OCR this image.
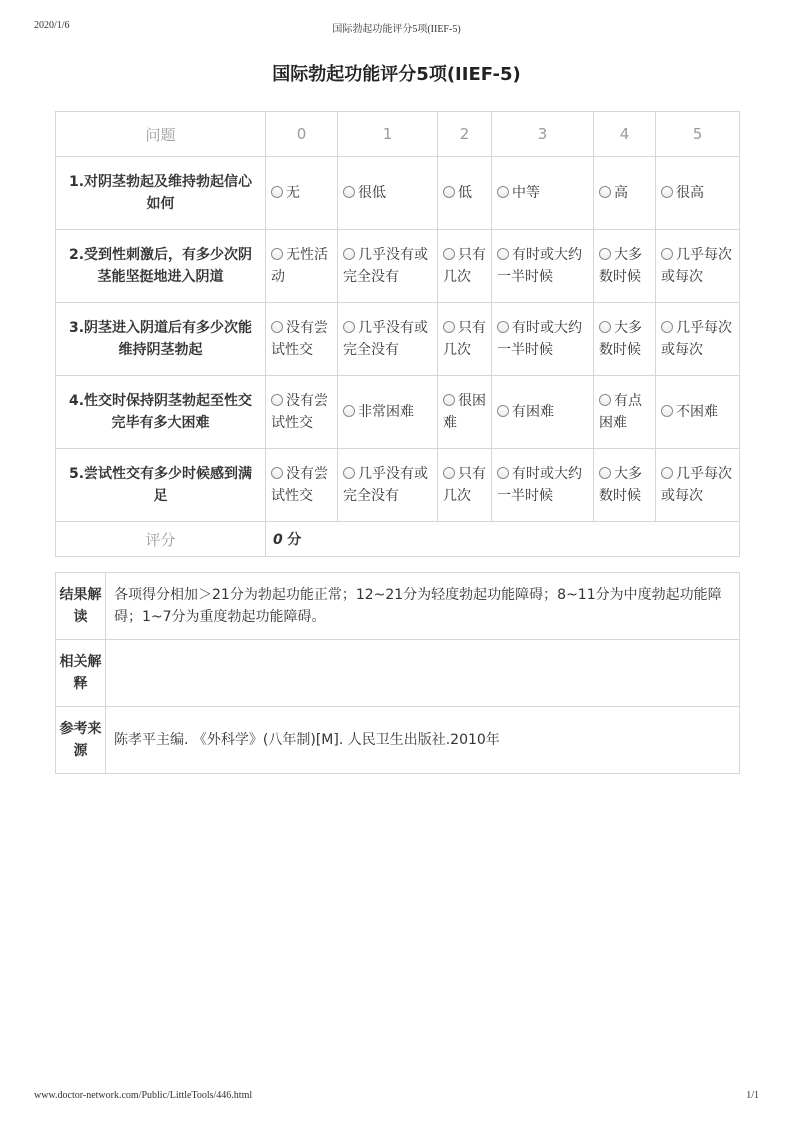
2020/1/6	国际勃起功能评分5项(IIEF-5)
国际勃起功能评分5项(IIEF-5)
问题	0	1	2	3	4	5
1.对阴茎勃起及维持勃起信心如何	无	很低	低	中等	高	很高
2.受到性刺激后，有多少次阴茎能坚挺地进入阴道	无性活动	几乎没有或完全没有	只有几次	有时或大约一半时候	大多数时候	几乎每次或每次
3.阴茎进入阴道后有多少次能维持阴茎勃起	没有尝试性交	几乎没有或完全没有	只有几次	有时或大约一半时候	大多数时候	几乎每次或每次
4.性交时保持阴茎勃起至性交完毕有多大困难	没有尝试性交	非常困难	很困难	有困难	有点困难	不困难
5.尝试性交有多少时候感到满足	没有尝试性交	几乎没有或完全没有	只有几次	有时或大约一半时候	大多数时候	几乎每次或每次
评分	0 分					
结果解读	各项得分相加＞21分为勃起功能正常；12~21分为轻度勃起功能障碍；8~11分为中度勃起功能障碍；1~7分为重度勃起功能障碍。
相关解释	
参考来源	陈孝平主编. 《外科学》(八年制)[M]. 人民卫生出版社.2010年
www.doctor-network.com/Public/LittleTools/446.html	1/1
